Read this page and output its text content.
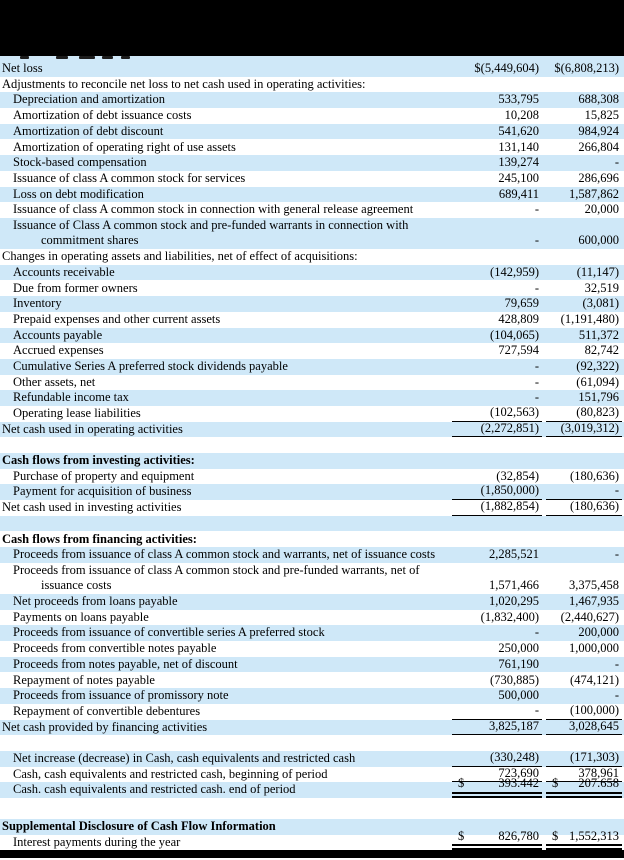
Net loss	$(5,449,604) $(6,808,213)
Adjustments to reconcile net loss to net cash used in operating activities:
Depreciation and amortization	533,795	688,308
Amortization of debt issuance costs	10,208	15,825
Amortization of debt discount	541,620	984,924
Amortization of operating right of use assets	131,140	266,804
Stock-based compensation	139,274	-
Issuance of class A common stock for services	245,100	286,696
Loss on debt modification	689,411 1,587,862
Issuance of class A common stock in connection with general release agreement	-	20,000
Issuance of Class A common stock and pre-funded warrants in connection with
commitment shares	-	600,000
Changes in operating assets and liabilities, net of effect of acquisitions:
Accounts receivable	(142,959)	(11,147)
Due from former owners	-	32,519
Inventory	79,659	(3,081)
Prepaid expenses and other current assets	428,809 (1,191,480)
Accounts payable	(104,065)	511,372
Accrued expenses	727,594	82,742
Cumulative Series A preferred stock dividends payable	-	(92,322)
Other assets, net	-	(61,094)
Refundable income tax	-	151,796
Operating lease liabilities	(102,563)	(80,823)
Net cash used in operating activities	(2,272,851) (3,019,312)
Cash flows from investing activities:
Purchase of property and equipment	(32,854) (180,636)
Payment for acquisition of business	(1,850,000)	-
Net cash used in investing activities	(1,882,854) (180,636)
Cash flows from financing activities:
Proceeds from issuance of class A common stock and warrants, net of issuance costs	2,285,521	-
Proceeds from issuance of class A common stock and pre-funded warrants, net of
issuance costs	1,571,466 3,375,458
Net proceeds from loans payable	1,020,295 1,467,935
Payments on loans payable	(1,832,400) (2,440,627)
Proceeds from issuance of convertible series A preferred stock	-	200,000
Proceeds from convertible notes payable	250,000 1,000,000
Proceeds from notes payable, net of discount	761,190	-
Repayment of notes payable	(730,885) (474,121)
Proceeds from issuance of promissory note	500,000	-
Repayment of convertible debentures	- (100,000)
Net cash provided by financing activities	3,825,187 3,028,645
Net increase (decrease) in Cash, cash equivalents and restricted cash	(330,248) (171,303)
Cash, cash equivalents and restricted cash, beginning of period	723,690	378,961
Cash. cash equivalents and restricted cash. end of period	$	393.442 $ 207.658
Supplemental Disclosure of Cash Flow Information
Interest payments during the year	$	826,780 $ 1,552,313
